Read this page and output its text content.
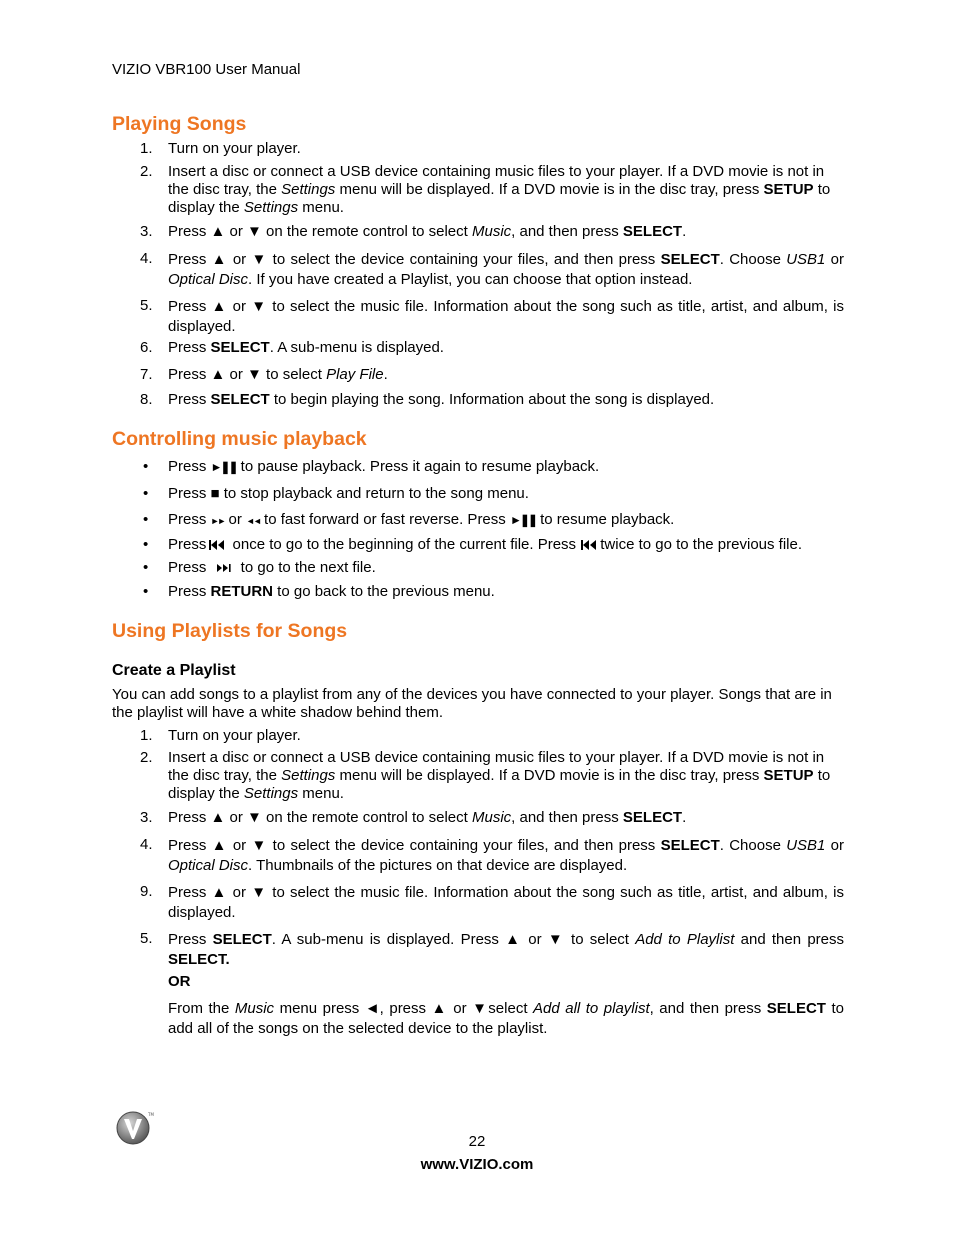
VIZIO VBR100 User Manual
Playing Songs
1. Turn on your player.
2. Insert a disc or connect a USB device containing music files to your player. If a DVD movie is not in the disc tray, the Settings menu will be displayed. If a DVD movie is in the disc tray, press SETUP to display the Settings menu.
3. Press ▲ or ▼ on the remote control to select Music, and then press SELECT.
4. Press ▲ or ▼ to select the device containing your files, and then press SELECT. Choose USB1 or Optical Disc. If you have created a Playlist, you can choose that option instead.
5. Press ▲ or ▼ to select the music file. Information about the song such as title, artist, and album, is displayed.
6. Press SELECT. A sub-menu is displayed.
7. Press ▲ or ▼ to select Play File.
8. Press SELECT to begin playing the song. Information about the song is displayed.
Controlling music playback
• Press ►❚❚ to pause playback. Press it again to resume playback.
• Press ■ to stop playback and return to the song menu.
• Press ►► or ◄◄ to fast forward or fast reverse. Press ►❚❚ to resume playback.
• Press once to go to the beginning of the current file. Press twice to go to the previous file.
• Press  to go to the next file.
• Press RETURN to go back to the previous menu.
Using Playlists for Songs
Create a Playlist
You can add songs to a playlist from any of the devices you have connected to your player. Songs that are in the playlist will have a white shadow behind them.
1. Turn on your player.
2. Insert a disc or connect a USB device containing music files to your player. If a DVD movie is not in the disc tray, the Settings menu will be displayed. If a DVD movie is in the disc tray, press SETUP to display the Settings menu.
3. Press ▲ or ▼ on the remote control to select Music, and then press SELECT.
4. Press ▲ or ▼ to select the device containing your files, and then press SELECT. Choose USB1 or Optical Disc. Thumbnails of the pictures on that device are displayed.
9. Press ▲ or ▼ to select the music file. Information about the song such as title, artist, and album, is displayed.
5. Press SELECT. A sub-menu is displayed. Press ▲ or ▼ to select Add to Playlist and then press SELECT.
OR
From the Music menu press ◄, press ▲ or ▼select Add all to playlist, and then press SELECT to add all of the songs on the selected device to the playlist.
TM
22
www.VIZIO.com
